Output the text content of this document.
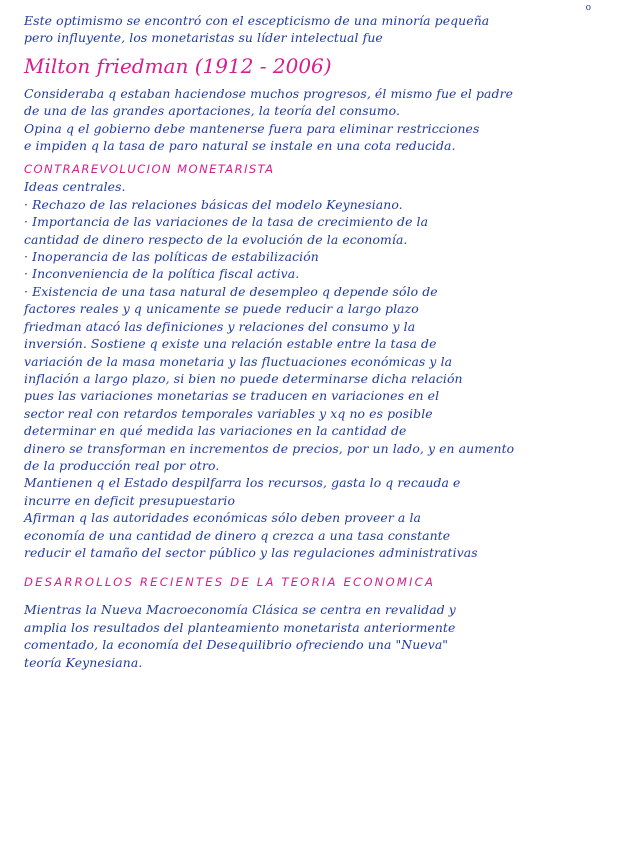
o
Este optimismo se encontró con el escepticismo de una minoría pequeña
pero influyente, los monetaristas su líder intelectual fue
Milton friedman (1912 - 2006)
Consideraba q estaban haciendose muchos progresos, él mismo fue el padre
de una de las grandes aportaciones, la teoría del consumo.
Opina q el gobierno debe mantenerse fuera para eliminar restricciones
e impiden q la tasa de paro natural se instale en una cota reducida.
CONTRAREVOLUCION MONETARISTA
Ideas centrales.
· Rechazo de las relaciones básicas del modelo Keynesiano.
· Importancia de las variaciones de la tasa de crecimiento de la
cantidad de dinero respecto de la evolución de la economía.
· Inoperancia de las políticas de estabilización
· Inconveniencia de la política fiscal activa.
· Existencia de una tasa natural de desempleo q depende sólo de
factores reales y q unicamente se puede reducir a largo plazo
friedman atacó las definiciones y relaciones del consumo y la
inversión. Sostiene q existe una relación estable entre la tasa de
variación de la masa monetaria y las fluctuaciones económicas y la
inflación a largo plazo, si bien no puede determinarse dicha relación
pues las variaciones monetarias se traducen en variaciones en el
sector real con retardos temporales variables y xq no es posible
determinar en qué medida las variaciones en la cantidad de
dinero se transforman en incrementos de precios, por un lado, y en aumento
de la producción real por otro.
Mantienen q el Estado despilfarra los recursos, gasta lo q recauda e
incurre en deficit presupuestario
Afirman q las autoridades económicas sólo deben proveer a la
economía de una cantidad de dinero q crezca a una tasa constante
reducir el tamaño del sector público y las regulaciones administrativas
DESARROLLOS RECIENTES DE LA TEORIA ECONOMICA
Mientras la Nueva Macroeconomía Clásica se centra en revalidad y
amplia los resultados del planteamiento monetarista anteriormente
comentado, la economía del Desequilibrio ofreciendo una "Nueva"
teoría Keynesiana.
